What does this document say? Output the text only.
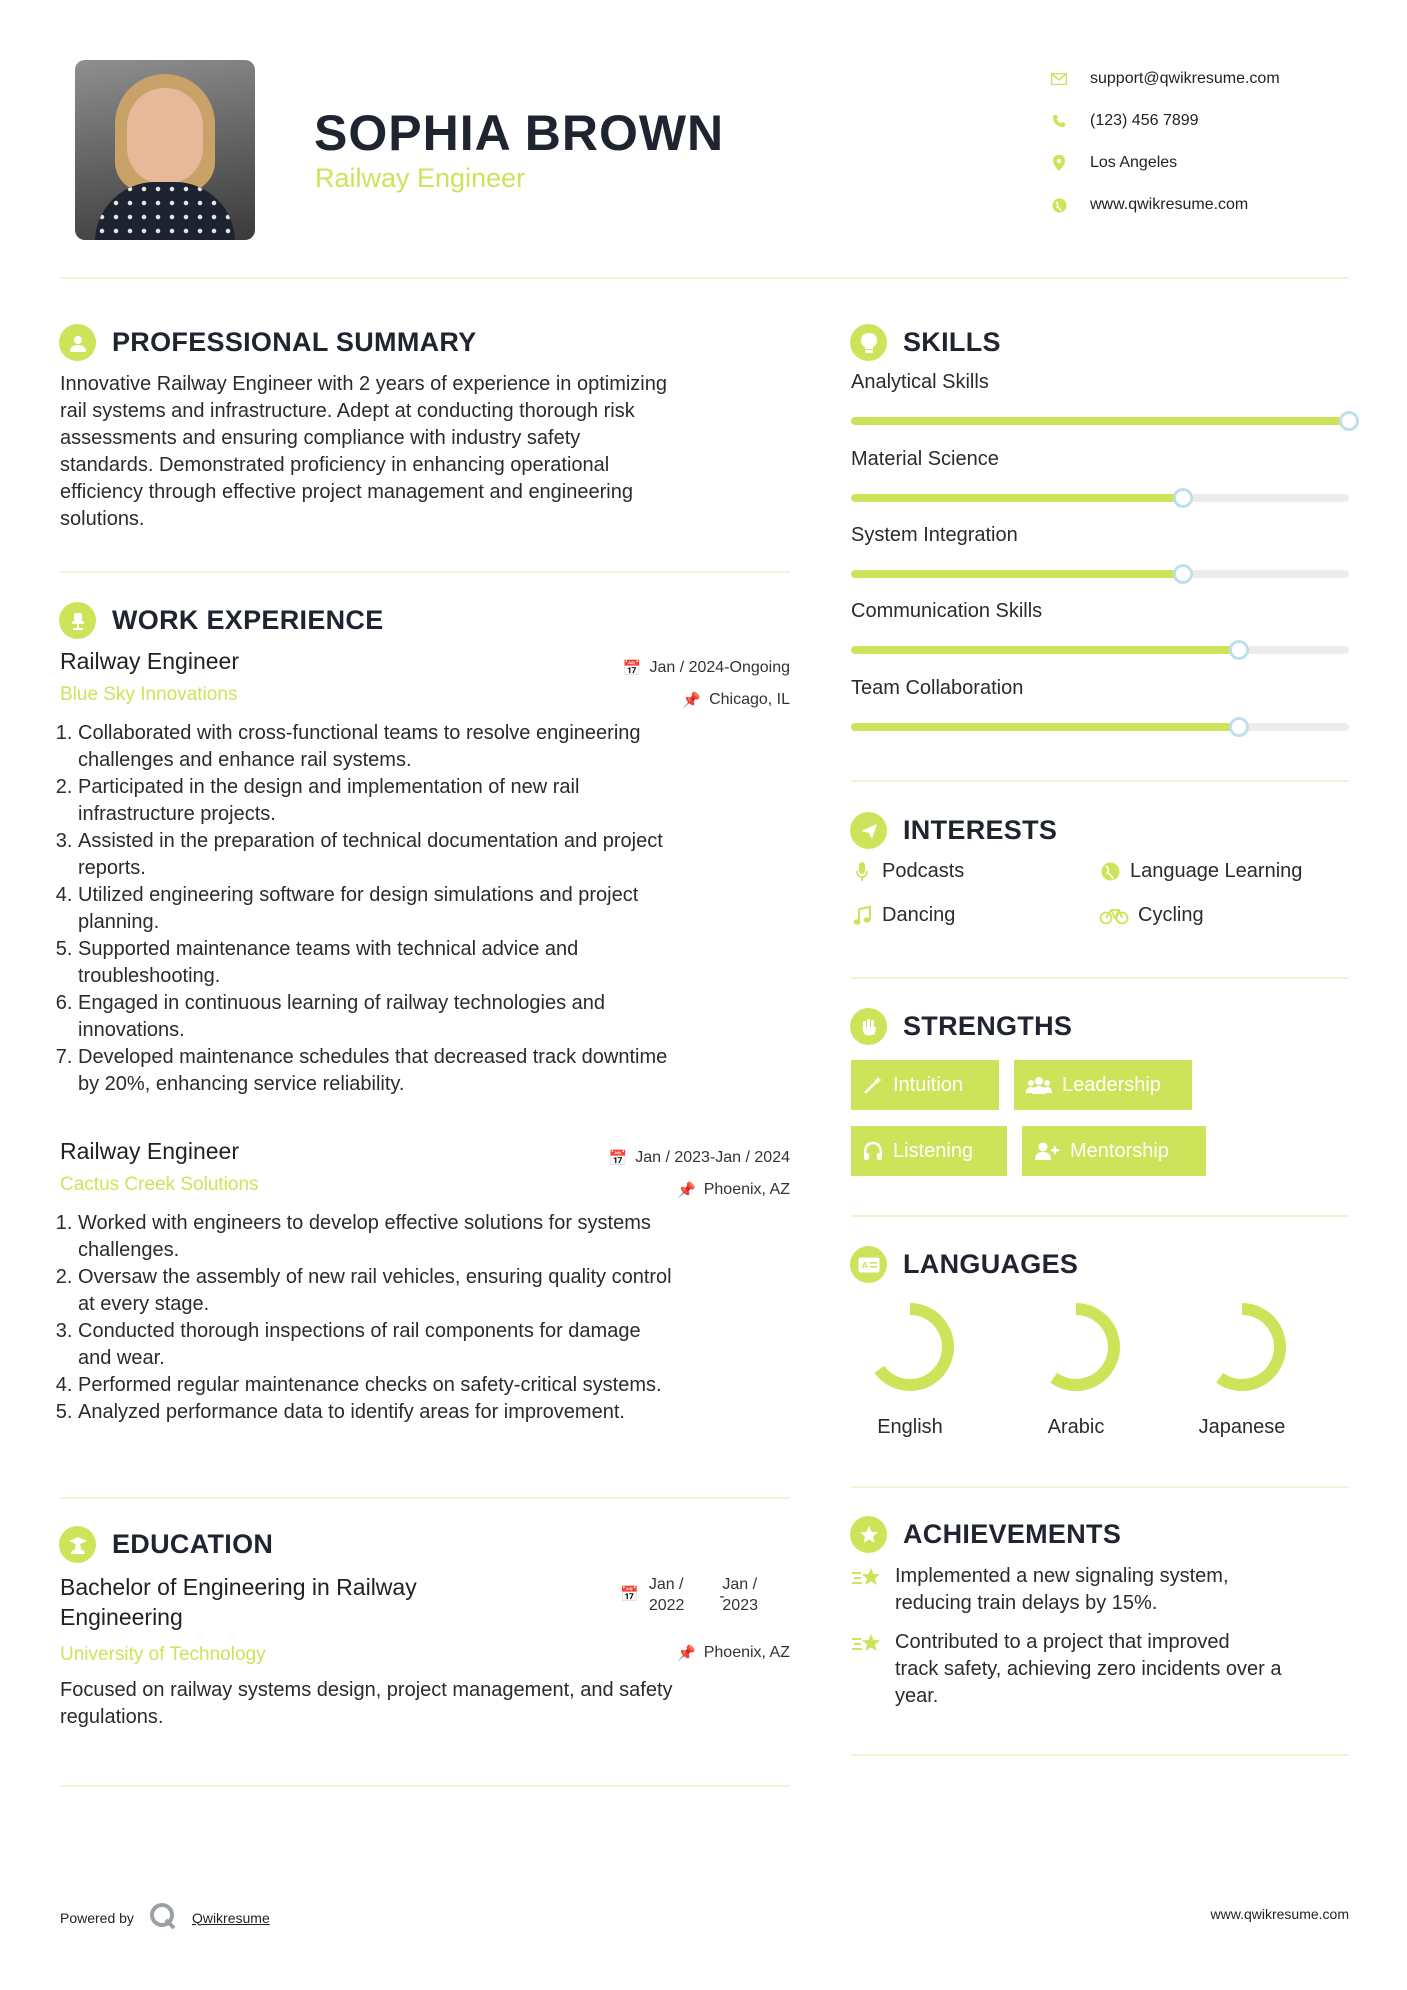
SOPHIA BROWN
Railway Engineer
support@qwikresume.com
(123) 456 7899
Los Angeles
www.qwikresume.com
PROFESSIONAL SUMMARY
Innovative Railway Engineer with 2 years of experience in optimizing
rail systems and infrastructure. Adept at conducting thorough risk
assessments and ensuring compliance with industry safety
standards. Demonstrated proficiency in enhancing operational
efficiency through effective project management and engineering
solutions.
WORK EXPERIENCE
Railway Engineer
Blue Sky Innovations
📅 Jan / 2024-Ongoing
📌 Chicago, IL
1. Collaborated with cross-functional teams to resolve engineering
challenges and enhance rail systems.
2. Participated in the design and implementation of new rail
infrastructure projects.
3. Assisted in the preparation of technical documentation and project
reports.
4. Utilized engineering software for design simulations and project
planning.
5. Supported maintenance teams with technical advice and
troubleshooting.
6. Engaged in continuous learning of railway technologies and
innovations.
7. Developed maintenance schedules that decreased track downtime
by 20%, enhancing service reliability.
Railway Engineer
Cactus Creek Solutions
📅 Jan / 2023-Jan / 2024
📌 Phoenix, AZ
1. Worked with engineers to develop effective solutions for systems
challenges.
2. Oversaw the assembly of new rail vehicles, ensuring quality control
at every stage.
3. Conducted thorough inspections of rail components for damage
and wear.
4. Performed regular maintenance checks on safety-critical systems.
5. Analyzed performance data to identify areas for improvement.
EDUCATION
Bachelor of Engineering in Railway
Engineering
University of Technology
📅
Jan /
2022
-
Jan /
2023
📌 Phoenix, AZ
Focused on railway systems design, project management, and safety
regulations.
SKILLS
Analytical Skills
Material Science
System Integration
Communication Skills
Team Collaboration
INTERESTS
Podcasts	Language Learning
Dancing	Cycling
STRENGTHS
Intuition	Leadership
Listening	Mentorship
A LANGUAGES
English	Arabic	Japanese
ACHIEVEMENTS
Implemented a new signaling system,
reducing train delays by 15%.
Contributed to a project that improved
track safety, achieving zero incidents over a
year.
Powered by	Qwikresume	www.qwikresume.com
